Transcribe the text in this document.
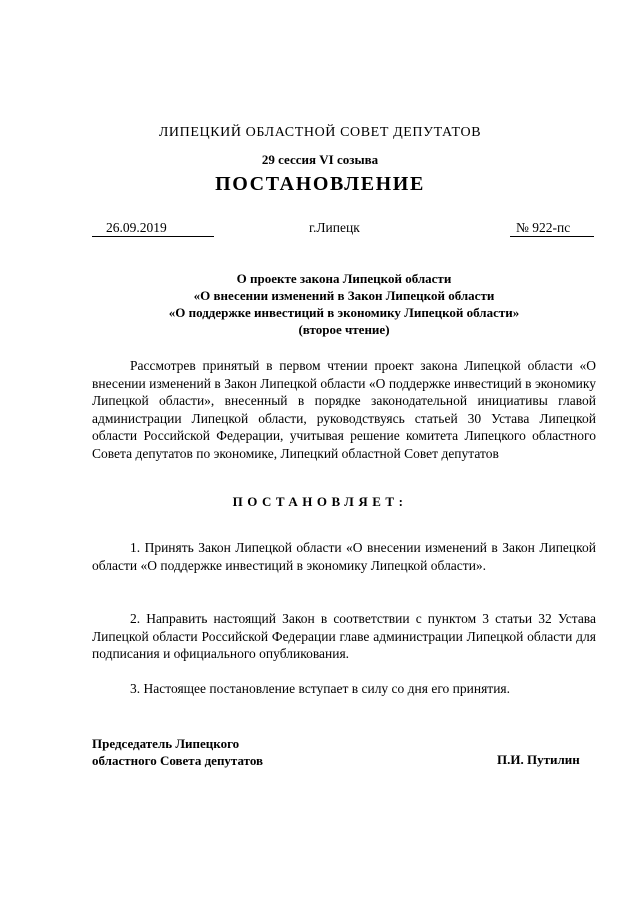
ЛИПЕЦКИЙ ОБЛАСТНОЙ СОВЕТ ДЕПУТАТОВ
29 сессия VI созыва
ПОСТАНОВЛЕНИЕ
26.09.2019	г.Липецк	№ 922-пс
О проекте закона Липецкой области
«О внесении изменений в Закон Липецкой области
«О поддержке инвестиций в экономику Липецкой области»
(второе чтение)
Рассмотрев принятый в первом чтении проект закона Липецкой области «О внесении изменений в Закон Липецкой области «О поддержке инвестиций в экономику Липецкой области», внесенный в порядке законодательной инициативы главой администрации Липецкой области, руководствуясь статьей 30 Устава Липецкой области Российской Федерации, учитывая решение комитета Липецкого областного Совета депутатов по экономике, Липецкий областной Совет депутатов
ПОСТАНОВЛЯЕТ:
1. Принять Закон Липецкой области «О внесении изменений в Закон Липецкой области «О поддержке инвестиций в экономику Липецкой области».
2. Направить настоящий Закон в соответствии с пунктом 3 статьи 32 Устава Липецкой области Российской Федерации главе администрации Липецкой области для подписания и официального опубликования.
3. Настоящее постановление вступает в силу со дня его принятия.
Председатель Липецкого
областного Совета депутатов	П.И. Путилин
